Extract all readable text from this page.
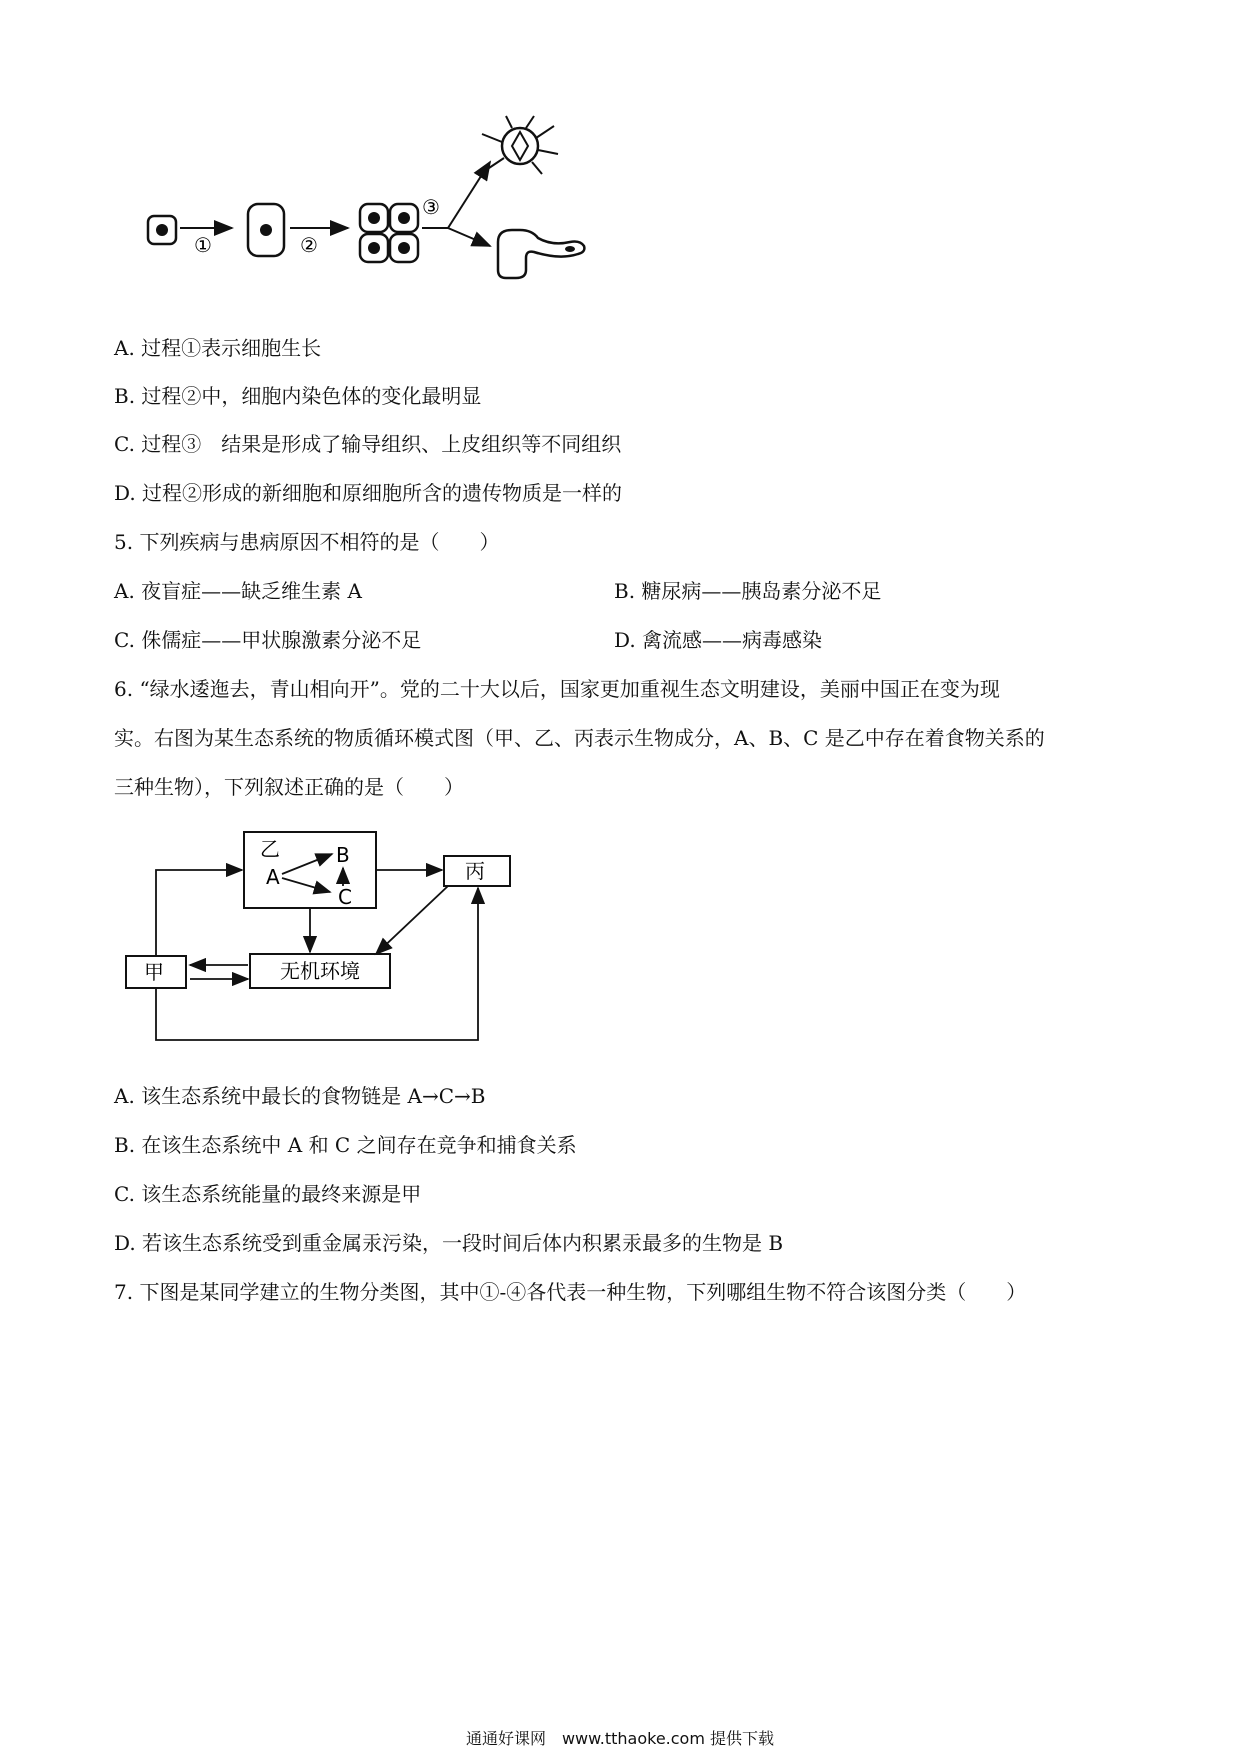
①	②
③
A. 过程①表示细胞生长
B. 过程②中，细胞内染色体的变化最明显
C. 过程③　结果是形成了输导组织、上皮组织等不同组织
D. 过程②形成的新细胞和原细胞所含的遗传物质是一样的
5. 下列疾病与患病原因不相符的是（　　）
A. 夜盲症——缺乏维生素 A	B. 糖尿病——胰岛素分泌不足
C. 侏儒症——甲状腺激素分泌不足	D. 禽流感——病毒感染
6. “绿水逶迤去，青山相向开”。党的二十大以后，国家更加重视生态文明建设，美丽中国正在变为现
实。右图为某生态系统的物质循环模式图（甲、乙、丙表示生物成分，A、B、C 是乙中存在着食物关系的
三种生物），下列叙述正确的是（　　）
乙
A
B
C
丙
甲	无机环境
A. 该生态系统中最长的食物链是 A→C→B
B. 在该生态系统中 A 和 C 之间存在竞争和捕食关系
C. 该生态系统能量的最终来源是甲
D. 若该生态系统受到重金属汞污染，一段时间后体内积累汞最多的生物是 B
7. 下图是某同学建立的生物分类图，其中①-④各代表一种生物，下列哪组生物不符合该图分类（　　）
通通好课网　www.tthaoke.com 提供下载
